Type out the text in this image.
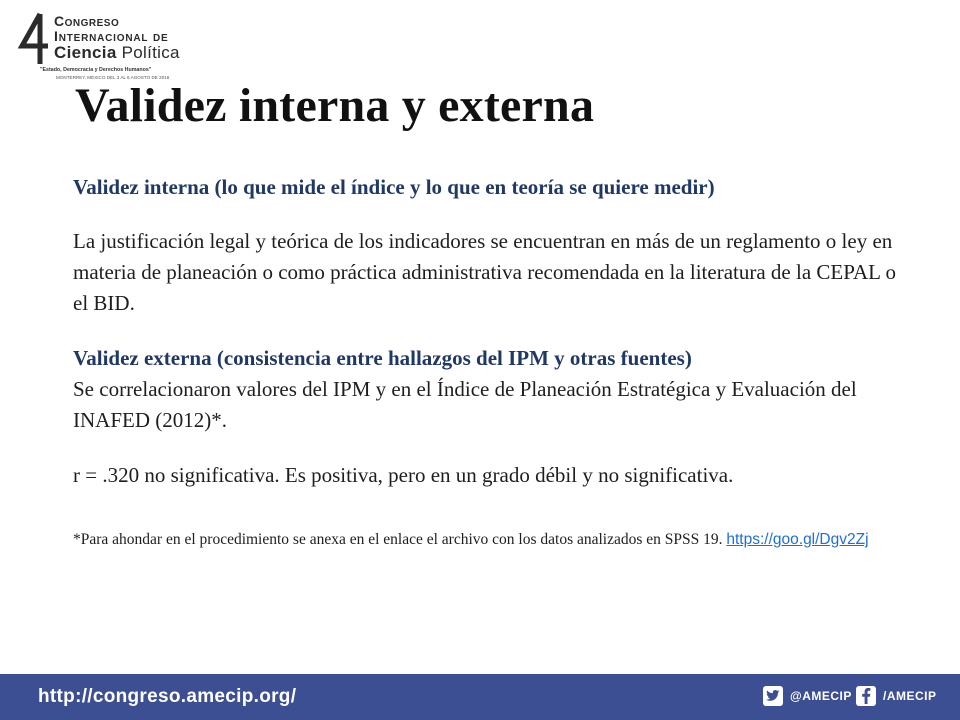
Congreso
Internacional de
Ciencia Política
"Estado, Democracia y Derechos Humanos"
MONTERREY, MÉXICO DEL 3 AL 6 AGOSTO DE 2016
Validez interna y externa

Validez interna (lo que mide el índice y lo que en teoría se quiere medir)

La justificación legal y teórica de los indicadores se encuentran en más de un reglamento o ley en materia de planeación o como práctica administrativa recomendada en la literatura de la CEPAL o el BID.

Validez externa (consistencia entre hallazgos del IPM y otras fuentes)

Se correlacionaron valores del IPM y en el Índice de Planeación Estratégica y Evaluación del INAFED (2012)*.

r = .320 no significativa. Es positiva, pero en un grado débil y no significativa.

*Para ahondar en el procedimiento se anexa en el enlace el archivo con los datos analizados en SPSS 19. https://goo.gl/Dgv2Zj

http://congreso.amecip.org/	@AMECIP	/AMECIP
